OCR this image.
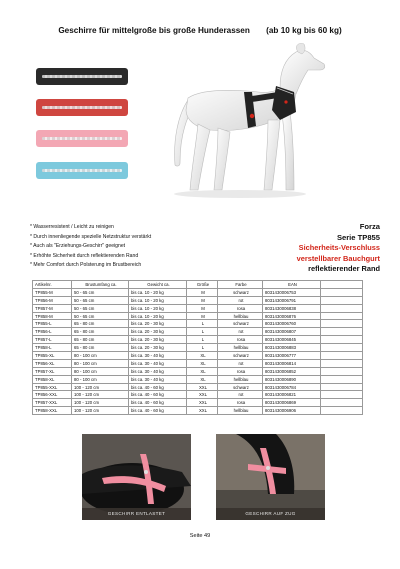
Geschirre für mittelgroße bis große Hunderassen (ab 10 kg bis 60 kg)
* Wasserresistent / Leicht zu reinigen
* Durch innenliegende spezielle Netzstruktur verstärkt
* Auch als "Erziehungs-Geschirr" geeignet
* Erhöhte Sicherheit durch reflektierenden Rand
* Mehr Comfort durch Polsterung im Brustbereich
Forza
Serie TP855
Sicherheits-Verschluss
verstellbarer Bauchgurt
reflektierender Rand
Artikelnr.	Brustumfang ca.	Gewicht ca.	Größe	Farbe	EAN	
TP855-M	50 - 65 cm	bis ca. 10 - 20 kg	M	schwarz	8031430006753	
TP856-M	50 - 65 cm	bis ca. 10 - 20 kg	M	rot	8031430006791	
TP857-M	50 - 65 cm	bis ca. 10 - 20 kg	M	rosa	8031430006838	
TP858-M	50 - 65 cm	bis ca. 10 - 20 kg	M	hellblau	8031430006876	
TP855-L	65 - 80 cm	bis ca. 20 - 30 kg	L	schwarz	8031430006760	
TP856-L	65 - 80 cm	bis ca. 20 - 30 kg	L	rot	8031430006807	
TP857-L	65 - 80 cm	bis ca. 20 - 30 kg	L	rosa	8031430006845	
TP858-L	65 - 80 cm	bis ca. 20 - 30 kg	L	hellblau	8031430006883	
TP855-XL	80 - 100 cm	bis ca. 30 - 40 kg	XL	schwarz	8031430006777	
TP856-XL	80 - 100 cm	bis ca. 30 - 40 kg	XL	rot	8031430006814	
TP857-XL	80 - 100 cm	bis ca. 30 - 40 kg	XL	rosa	8031430006852	
TP858-XL	80 - 100 cm	bis ca. 30 - 40 kg	XL	hellblau	8031430006890	
TP855-XXL	100 - 120 cm	bis ca. 40 - 60 kg	XXL	schwarz	8031430006784	
TP856-XXL	100 - 120 cm	bis ca. 40 - 60 kg	XXL	rot	8031430006821	
TP857-XXL	100 - 120 cm	bis ca. 40 - 60 kg	XXL	rosa	8031430006869	
TP858-XXL	100 - 120 cm	bis ca. 40 - 60 kg	XXL	hellblau	8031430006906	
GESCHIRR ENTLASTET	GESCHIRR AUF ZUG
Seite 49
